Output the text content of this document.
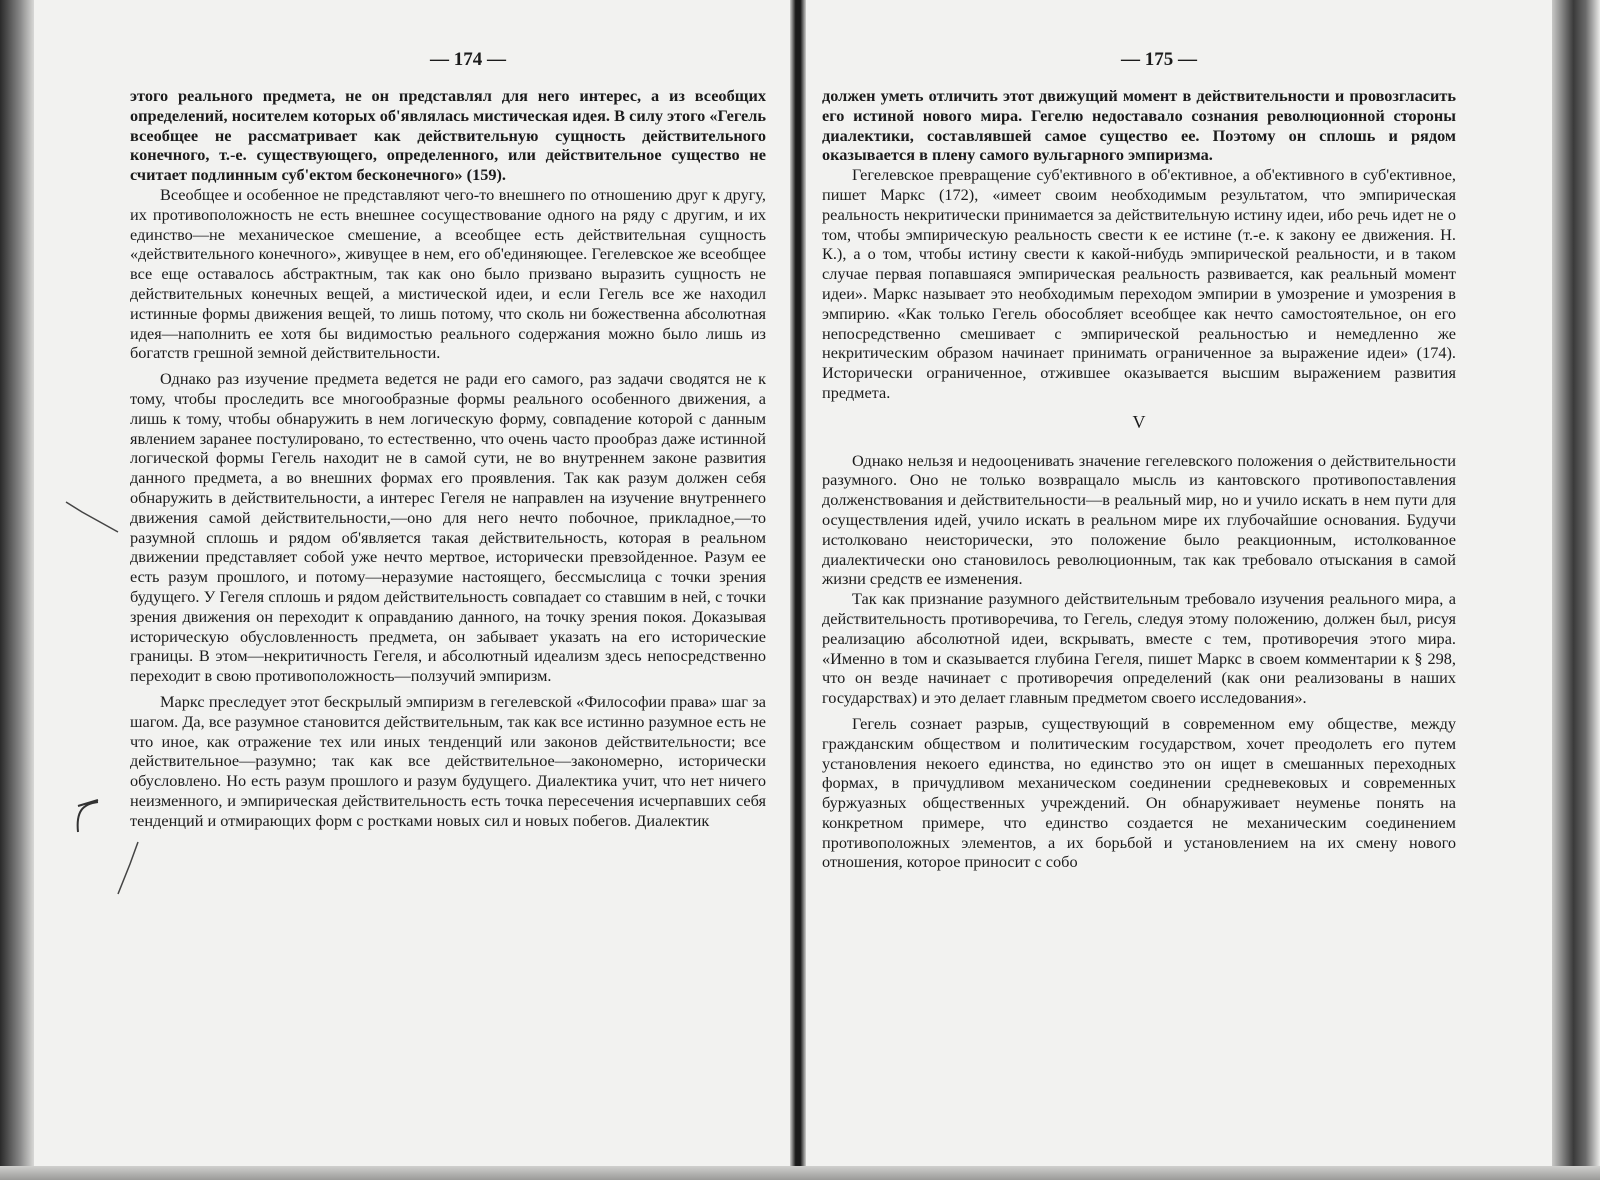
— 174 —

этого реального предмета, не он представлял для него интерес, а из всеобщих определений, носителем которых об'являлась мистическая идея. В силу этого «Гегель всеобщее не рассматривает как действительную сущность действительного конечного, т.-е. существующего, определенного, или действительное существо не считает подлинным суб'ектом бесконечного» (159).

Всеобщее и особенное не представляют чего-то внешнего по отношению друг к другу, их противоположность не есть внешнее сосуществование одного на ряду с другим, и их единство—не механическое смешение, а всеобщее есть действительная сущность «действительного конечного», живущее в нем, его об'единяющее. Гегелевское же всеобщее все еще оставалось абстрактным, так как оно было призвано выразить сущность не действительных конечных вещей, а мистической идеи, и если Гегель все же находил истинные формы движения вещей, то лишь потому, что сколь ни божественна абсолютная идея—наполнить ее хотя бы видимостью реального содержания можно было лишь из богатств грешной земной действительности.

Однако раз изучение предмета ведется не ради его самого, раз задачи сводятся не к тому, чтобы проследить все многообразные формы реального особенного движения, а лишь к тому, чтобы обнаружить в нем логическую форму, совпадение которой с данным явлением заранее постулировано, то естественно, что очень часто прообраз даже истинной логической формы Гегель находит не в самой сути, не во внутреннем законе развития данного предмета, а во внешних формах его проявления. Так как разум должен себя обнаружить в действительности, а интерес Гегеля не направлен на изучение внутреннего движения самой действительности,—оно для него нечто побочное, прикладное,—то разумной сплошь и рядом об'является такая действительность, которая в реальном движении представляет собой уже нечто мертвое, исторически превзойденное. Разум ее есть разум прошлого, и потому—неразумие настоящего, бессмыслица с точки зрения будущего. У Гегеля сплошь и рядом действительность совпадает со ставшим в ней, с точки зрения движения он переходит к оправданию данного, на точку зрения покоя. Доказывая историческую обусловленность предмета, он забывает указать на его исторические границы. В этом—некритичность Гегеля, и абсолютный идеализм здесь непосредственно переходит в свою противоположность—ползучий эмпиризм.

Маркс преследует этот бескрылый эмпиризм в гегелевской «Философии права» шаг за шагом. Да, все разумное становится действительным, так как все истинно разумное есть не что иное, как отражение тех или иных тенденций или законов действительности; все действительное—разумно; так как все действительное—закономерно, исторически обусловлено. Но есть разум прошлого и разум будущего. Диалектика учит, что нет ничего неизменного, и эмпирическая действительность есть точка пересечения исчерпавших себя тенденций и отмирающих форм с ростками новых сил и новых побегов. Диалектик

— 175 —

должен уметь отличить этот движущий момент в действительности и провозгласить его истиной нового мира. Гегелю недоставало сознания революционной стороны диалектики, составлявшей самое существо ее. Поэтому он сплошь и рядом оказывается в плену самого вульгарного эмпиризма.

Гегелевское превращение суб'ективного в об'ективное, а об'ективного в суб'ективное, пишет Маркс (172), «имеет своим необходимым результатом, что эмпирическая реальность некритически принимается за действительную истину идеи, ибо речь идет не о том, чтобы эмпирическую реальность свести к ее истине (т.-е. к закону ее движения. Н. К.), а о том, чтобы истину свести к какой-нибудь эмпирической реальности, и в таком случае первая попавшаяся эмпирическая реальность развивается, как реальный момент идеи». Маркс называет это необходимым переходом эмпирии в умозрение и умозрения в эмпирию. «Как только Гегель обособляет всеобщее как нечто самостоятельное, он его непосредственно смешивает с эмпирической реальностью и немедленно же некритическим образом начинает принимать ограниченное за выражение идеи» (174). Исторически ограниченное, отжившее оказывается высшим выражением развития предмета.

V

Однако нельзя и недооценивать значение гегелевского положения о действительности разумного. Оно не только возвращало мысль из кантовского противопоставления долженствования и действительности—в реальный мир, но и учило искать в нем пути для осуществления идей, учило искать в реальном мире их глубочайшие основания. Будучи истолковано неисторически, это положение было реакционным, истолкованное диалектически оно становилось революционным, так как требовало отыскания в самой жизни средств ее изменения.

Так как признание разумного действительным требовало изучения реального мира, а действительность противоречива, то Гегель, следуя этому положению, должен был, рисуя реализацию абсолютной идеи, вскрывать, вместе с тем, противоречия этого мира. «Именно в том и сказывается глубина Гегеля, пишет Маркс в своем комментарии к § 298, что он везде начинает с противоречия определений (как они реализованы в наших государствах) и это делает главным предметом своего исследования».

Гегель сознает разрыв, существующий в современном ему обществе, между гражданским обществом и политическим государством, хочет преодолеть его путем установления некоего единства, но единство это он ищет в смешанных переходных формах, в причудливом механическом соединении средневековых и современных буржуазных общественных учреждений. Он обнаруживает неуменье понять на конкретном примере, что единство создается не механическим соединением противоположных элементов, а их борьбой и установлением на их смену нового отношения, которое приносит с собо
